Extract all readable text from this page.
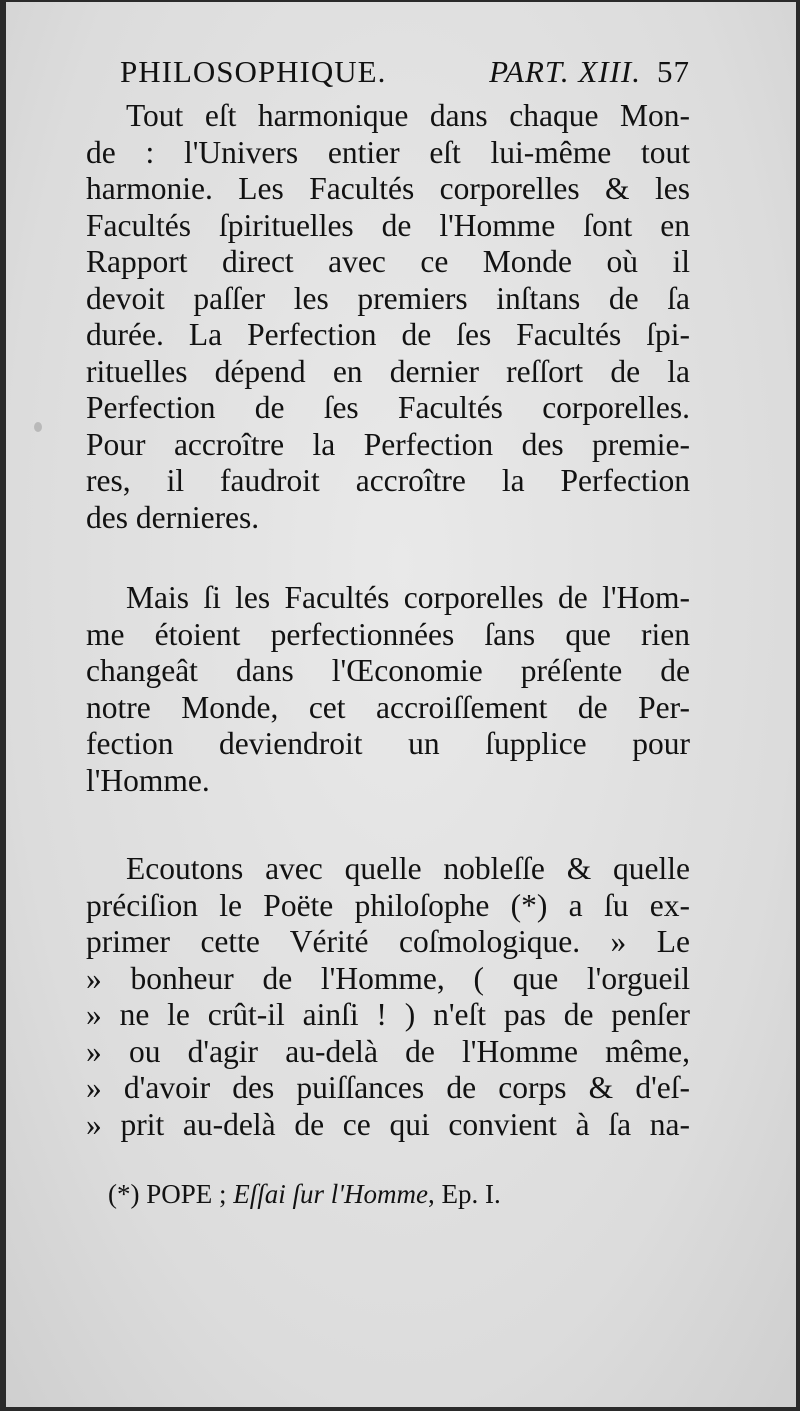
PHILOSOPHIQUE.	PART. XIII. 57
Tout eſt harmonique dans chaque Mon-
de : l'Univers entier eſt lui-même tout
harmonie. Les Facultés corporelles & les
Facultés ſpirituelles de l'Homme ſont en
Rapport direct avec ce Monde où il
devoit paſſer les premiers inſtans de ſa
durée. La Perfection de ſes Facultés ſpi-
rituelles dépend en dernier reſſort de la
Perfection de ſes Facultés corporelles.
Pour accroître la Perfection des premie-
res, il faudroit accroître la Perfection
des dernieres.
Mais ſi les Facultés corporelles de l'Hom-
me étoient perfectionnées ſans que rien
changeât dans l'Œconomie préſente de
notre Monde, cet accroiſſement de Per-
fection deviendroit un ſupplice pour
l'Homme.
Ecoutons avec quelle nobleſſe & quelle
préciſion le Poëte philoſophe (*) a ſu ex-
primer cette Vérité coſmologique. » Le
» bonheur de l'Homme, ( que l'orgueil
» ne le crût-il ainſi ! ) n'eſt pas de penſer
» ou d'agir au-delà de l'Homme même,
» d'avoir des puiſſances de corps & d'eſ-
» prit au-delà de ce qui convient à ſa na-
(*) POPE ; Eſſai ſur l'Homme, Ep. I.
